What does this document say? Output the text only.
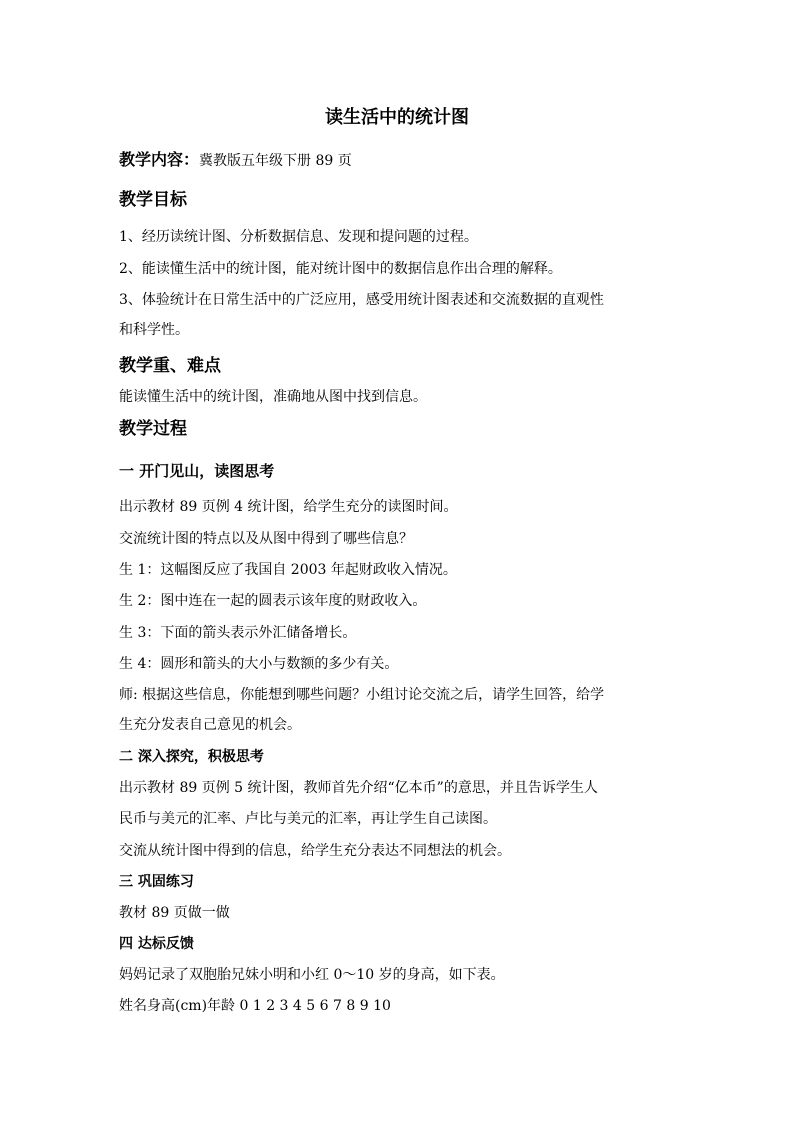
读生活中的统计图
教学内容：冀教版五年级下册 89 页
教学目标
1、经历读统计图、分析数据信息、发现和提问题的过程。
2、能读懂生活中的统计图，能对统计图中的数据信息作出合理的解释。
3、体验统计在日常生活中的广泛应用，感受用统计图表述和交流数据的直观性
和科学性。
教学重、难点
能读懂生活中的统计图，准确地从图中找到信息。
教学过程
一 开门见山，读图思考
出示教材 89 页例 4 统计图，给学生充分的读图时间。
交流统计图的特点以及从图中得到了哪些信息？
生 1：这幅图反应了我国自 2003 年起财政收入情况。
生 2：图中连在一起的圆表示该年度的财政收入。
生 3：下面的箭头表示外汇储备增长。
生 4：圆形和箭头的大小与数额的多少有关。
师: 根据这些信息，你能想到哪些问题？小组讨论交流之后，请学生回答，给学
生充分发表自己意见的机会。
二 深入探究，积极思考
出示教材 89 页例 5 统计图，教师首先介绍“亿本币”的意思，并且告诉学生人
民币与美元的汇率、卢比与美元的汇率，再让学生自己读图。
交流从统计图中得到的信息，给学生充分表达不同想法的机会。
三 巩固练习
教材 89 页做一做
四 达标反馈
妈妈记录了双胞胎兄妹小明和小红 0～10 岁的身高，如下表。
姓名身高(cm)年龄 0 1 2 3 4 5 6 7 8 9 10
